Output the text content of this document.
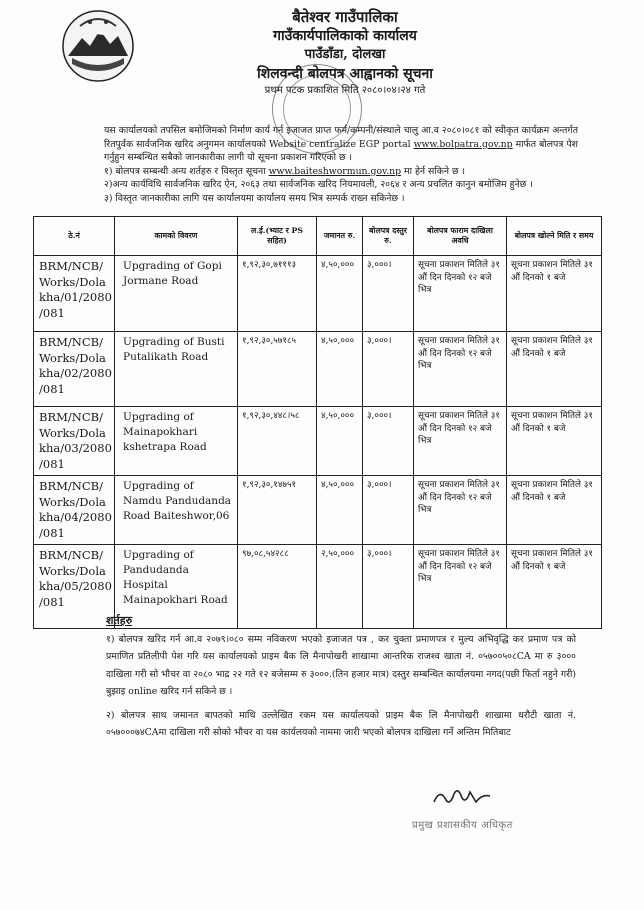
बैतेश्वर गाउँपालिका
गाउँकार्यपालिकाको कार्यालय
पाउँडाँडा, दोलखा
शिलवन्दी बोलपत्र आह्वानको सूचना
प्रथम पटक प्रकाशित मिति २०८०।०४।२४ गते

यस कार्यालयको तपसिल बमोजिमको निर्माण कार्य गर्न इजाजत प्राप्त फर्म/कम्पनी/संस्थाले चालु आ.व २०८०।०८१ को स्वीकृत कार्यक्रम अन्तर्गत रितपुर्वक सार्वजनिक खरिद अनुगमन कार्यालयको Website centralize EGP portal www.bolpatra.gov.np मार्फत बोलपत्र पेश गर्नुहुन सम्बन्धित सबैको जानकारीका लागी यो सूचना प्रकाशन गरिएको छ ।

१) बोलपत्र सम्बन्धी अन्य शर्तहरु र विस्तृत सूचना www.baiteshwormun.gov.np मा हेर्न सकिने छ ।

२)अन्य कार्यविधि सार्वजनिक खरिद ऐन, २०६३ तथा सार्वजनिक खरिद नियमावली, २०६४ र अन्य प्रचलित कानुन बमोजिम हुनेछ ।

३) विस्तृत जानकारीका लागि यस कार्यालयमा कार्यालय समय भित्र सम्पर्क राख्न सकिनेछ ।

ठे.नं	कामको विवरण	ल.ई.(भ्याट र PS सहित)	जमानत रु.	बोलपत्र दस्तुर रु.	बोलपत्र फाराम दाखिला अवधि	बोलपत्र खोल्ने मिति र समय
BRM/NCB/ Works/Dola kha/01/2080 /081	Upgrading of Gopi Jormane Road	१,९२,३०,७१११३	४,५०,०००	३,०००।	सूचना प्रकाशन मितिले ३१ औं दिन दिनको १२ बजे भित्र	सूचना प्रकाशन मितिले ३१ औं दिनको १ बजे
BRM/NCB/ Works/Dola kha/02/2080 /081	Upgrading of Busti Putalikath Road	१,९२,३०,५७१८५	४,५०,०००	३,०००।	सूचना प्रकाशन मितिले ३१ औं दिन दिनको १२ बजे भित्र	सूचना प्रकाशन मितिले ३१ औं दिनको १ बजे
BRM/NCB/ Works/Dola kha/03/2080 /081	Upgrading of Mainapokhari kshetrapa Road	१,९२,३०,४४८।५८	४,५०,०००	३,०००।	सूचना प्रकाशन मितिले ३१ औं दिन दिनको १२ बजे भित्र	सूचना प्रकाशन मितिले ३१ औं दिनको १ बजे
BRM/NCB/ Works/Dola kha/04/2080 /081	Upgrading of Namdu Pandudanda Road Baiteshwor,06	१,९२,३०,१४७५१	४,५०,०००	३,०००।	सूचना प्रकाशन मितिले ३१ औं दिन दिनको १२ बजे भित्र	सूचना प्रकाशन मितिले ३१ औं दिनको १ बजे
BRM/NCB/ Works/Dola kha/05/2080 /081	Upgrading of Pandudanda Hospital Mainapokhari Road	९७,०८,५४२८८	२,५०,०००	३,०००।	सूचना प्रकाशन मितिले ३१ औं दिन दिनको १२ बजे भित्र	सूचना प्रकाशन मितिले ३१ औं दिनको १ बजे
शर्तहरु

१) बोलपत्र खरिद गर्न आ.व २०७९।०८० सम्म नविकरण भएको इजाजत पत्र , कर चुक्ता प्रमाणपत्र र मुल्य अभिवृद्धि कर प्रमाण पत्र को प्रमाणित प्रतिलीपी पेश गरि यस कार्यालयको प्राइम बैक लि मैनापोखरी शाखामा आन्तरिक राजश्व खाता नं. ०५७००५०८CA मा रु ३००० दाखिला गरी सो भौचर वा २०८० भाद्र २२ गते १२ बजेसम्म रु ३०००.(तिन हजार मात्र) दस्तुर सम्बन्धित कार्यालयमा नगद(पछी फिर्ता नहुने गरी) बुझाइ online खरिद गर्न सकिने छ ।

२) बोलपत्र साथ जमानत बापतको माथि उल्लेखित रकम यस कार्यालयको प्राइम बैक लि मैनापोखरी शाखामा धरौटी खाता नं. ०५७०००७४CAमा दाखिला गरी सोको भौचर वा यस कार्यलयको नाममा जारी भएको बोलपत्र दाखिला गर्ने अन्तिम मितिबाट

प्रमुख प्रशासकीय अधिकृत
